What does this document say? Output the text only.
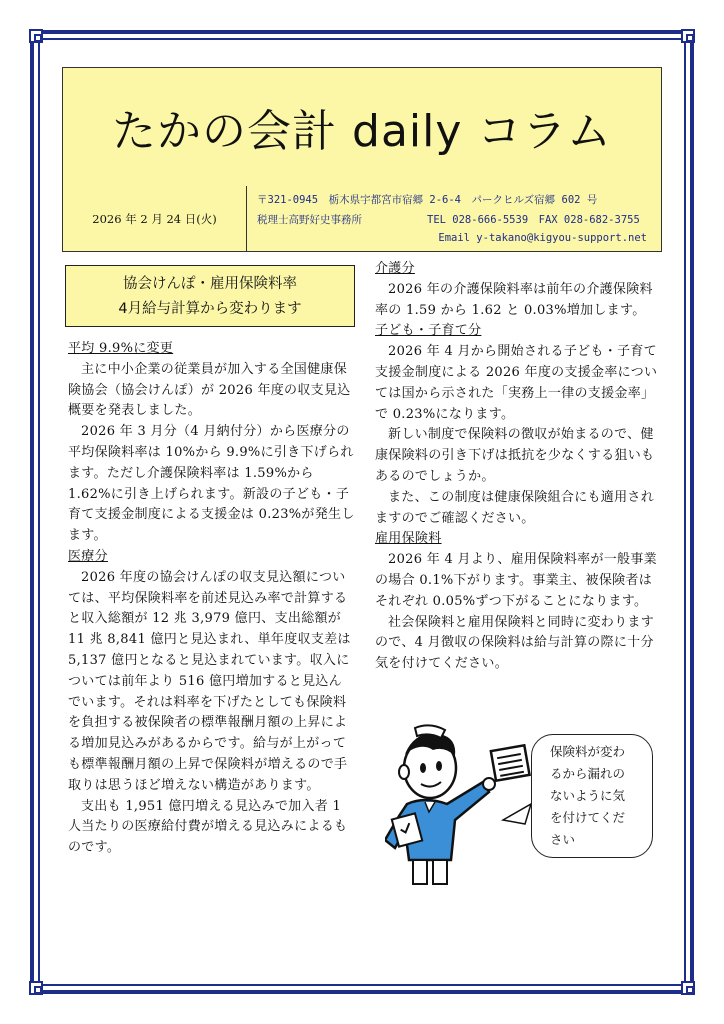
たかの会計 daily コラム
2026 年 2 月 24 日(火)
〒321-0945　栃木県宇都宮市宿郷 2-6-4　パークヒルズ宿郷 602 号
税理士高野好史事務所	TEL 028-666-5539　FAX 028-682-3755
Email y-takano@kigyou-support.net
協会けんぽ・雇用保険料率
4月給与計算から変わります
平均 9.9%に変更

主に中小企業の従業員が加入する全国健康保険協会（協会けんぽ）が 2026 年度の収支見込概要を発表しました。

2026 年 3 月分（4 月納付分）から医療分の平均保険料率は 10%から 9.9%に引き下げられます。ただし介護保険料率は 1.59%から 1.62%に引き上げられます。新設の子ども・子育て支援金制度による支援金は 0.23%が発生します。

医療分

2026 年度の協会けんぽの収支見込額については、平均保険料率を前述見込み率で計算すると収入総額が 12 兆 3,979 億円、支出総額が 11 兆 8,841 億円と見込まれ、単年度収支差は 5,137 億円となると見込まれています。収入については前年より 516 億円増加すると見込んでいます。それは料率を下げたとしても保険料を負担する被保険者の標準報酬月額の上昇による増加見込みがあるからです。給与が上がっても標準報酬月額の上昇で保険料が増えるので手取りは思うほど増えない構造があります。

支出も 1,951 億円増える見込みで加入者 1 人当たりの医療給付費が増える見込みによるものです。

介護分

2026 年の介護保険料率は前年の介護保険料率の 1.59 から 1.62 と 0.03%増加します。

子ども・子育て分

2026 年 4 月から開始される子ども・子育て支援金制度による 2026 年度の支援金率については国から示された「実務上一律の支援金率」で 0.23%になります。

新しい制度で保険料の徴収が始まるので、健康保険料の引き下げは抵抗を少なくする狙いもあるのでしょうか。

また、この制度は健康保険組合にも適用されますのでご確認ください。

雇用保険料

2026 年 4 月より、雇用保険料率が一般事業の場合 0.1%下がります。事業主、被保険者はそれぞれ 0.05%ずつ下がることになります。

社会保険料と雇用保険料と同時に変わりますので、4 月徴収の保険料は給与計算の際に十分気を付けてください。

保険料が変わ
るから漏れの
ないように気
を付けてくだ
さい
